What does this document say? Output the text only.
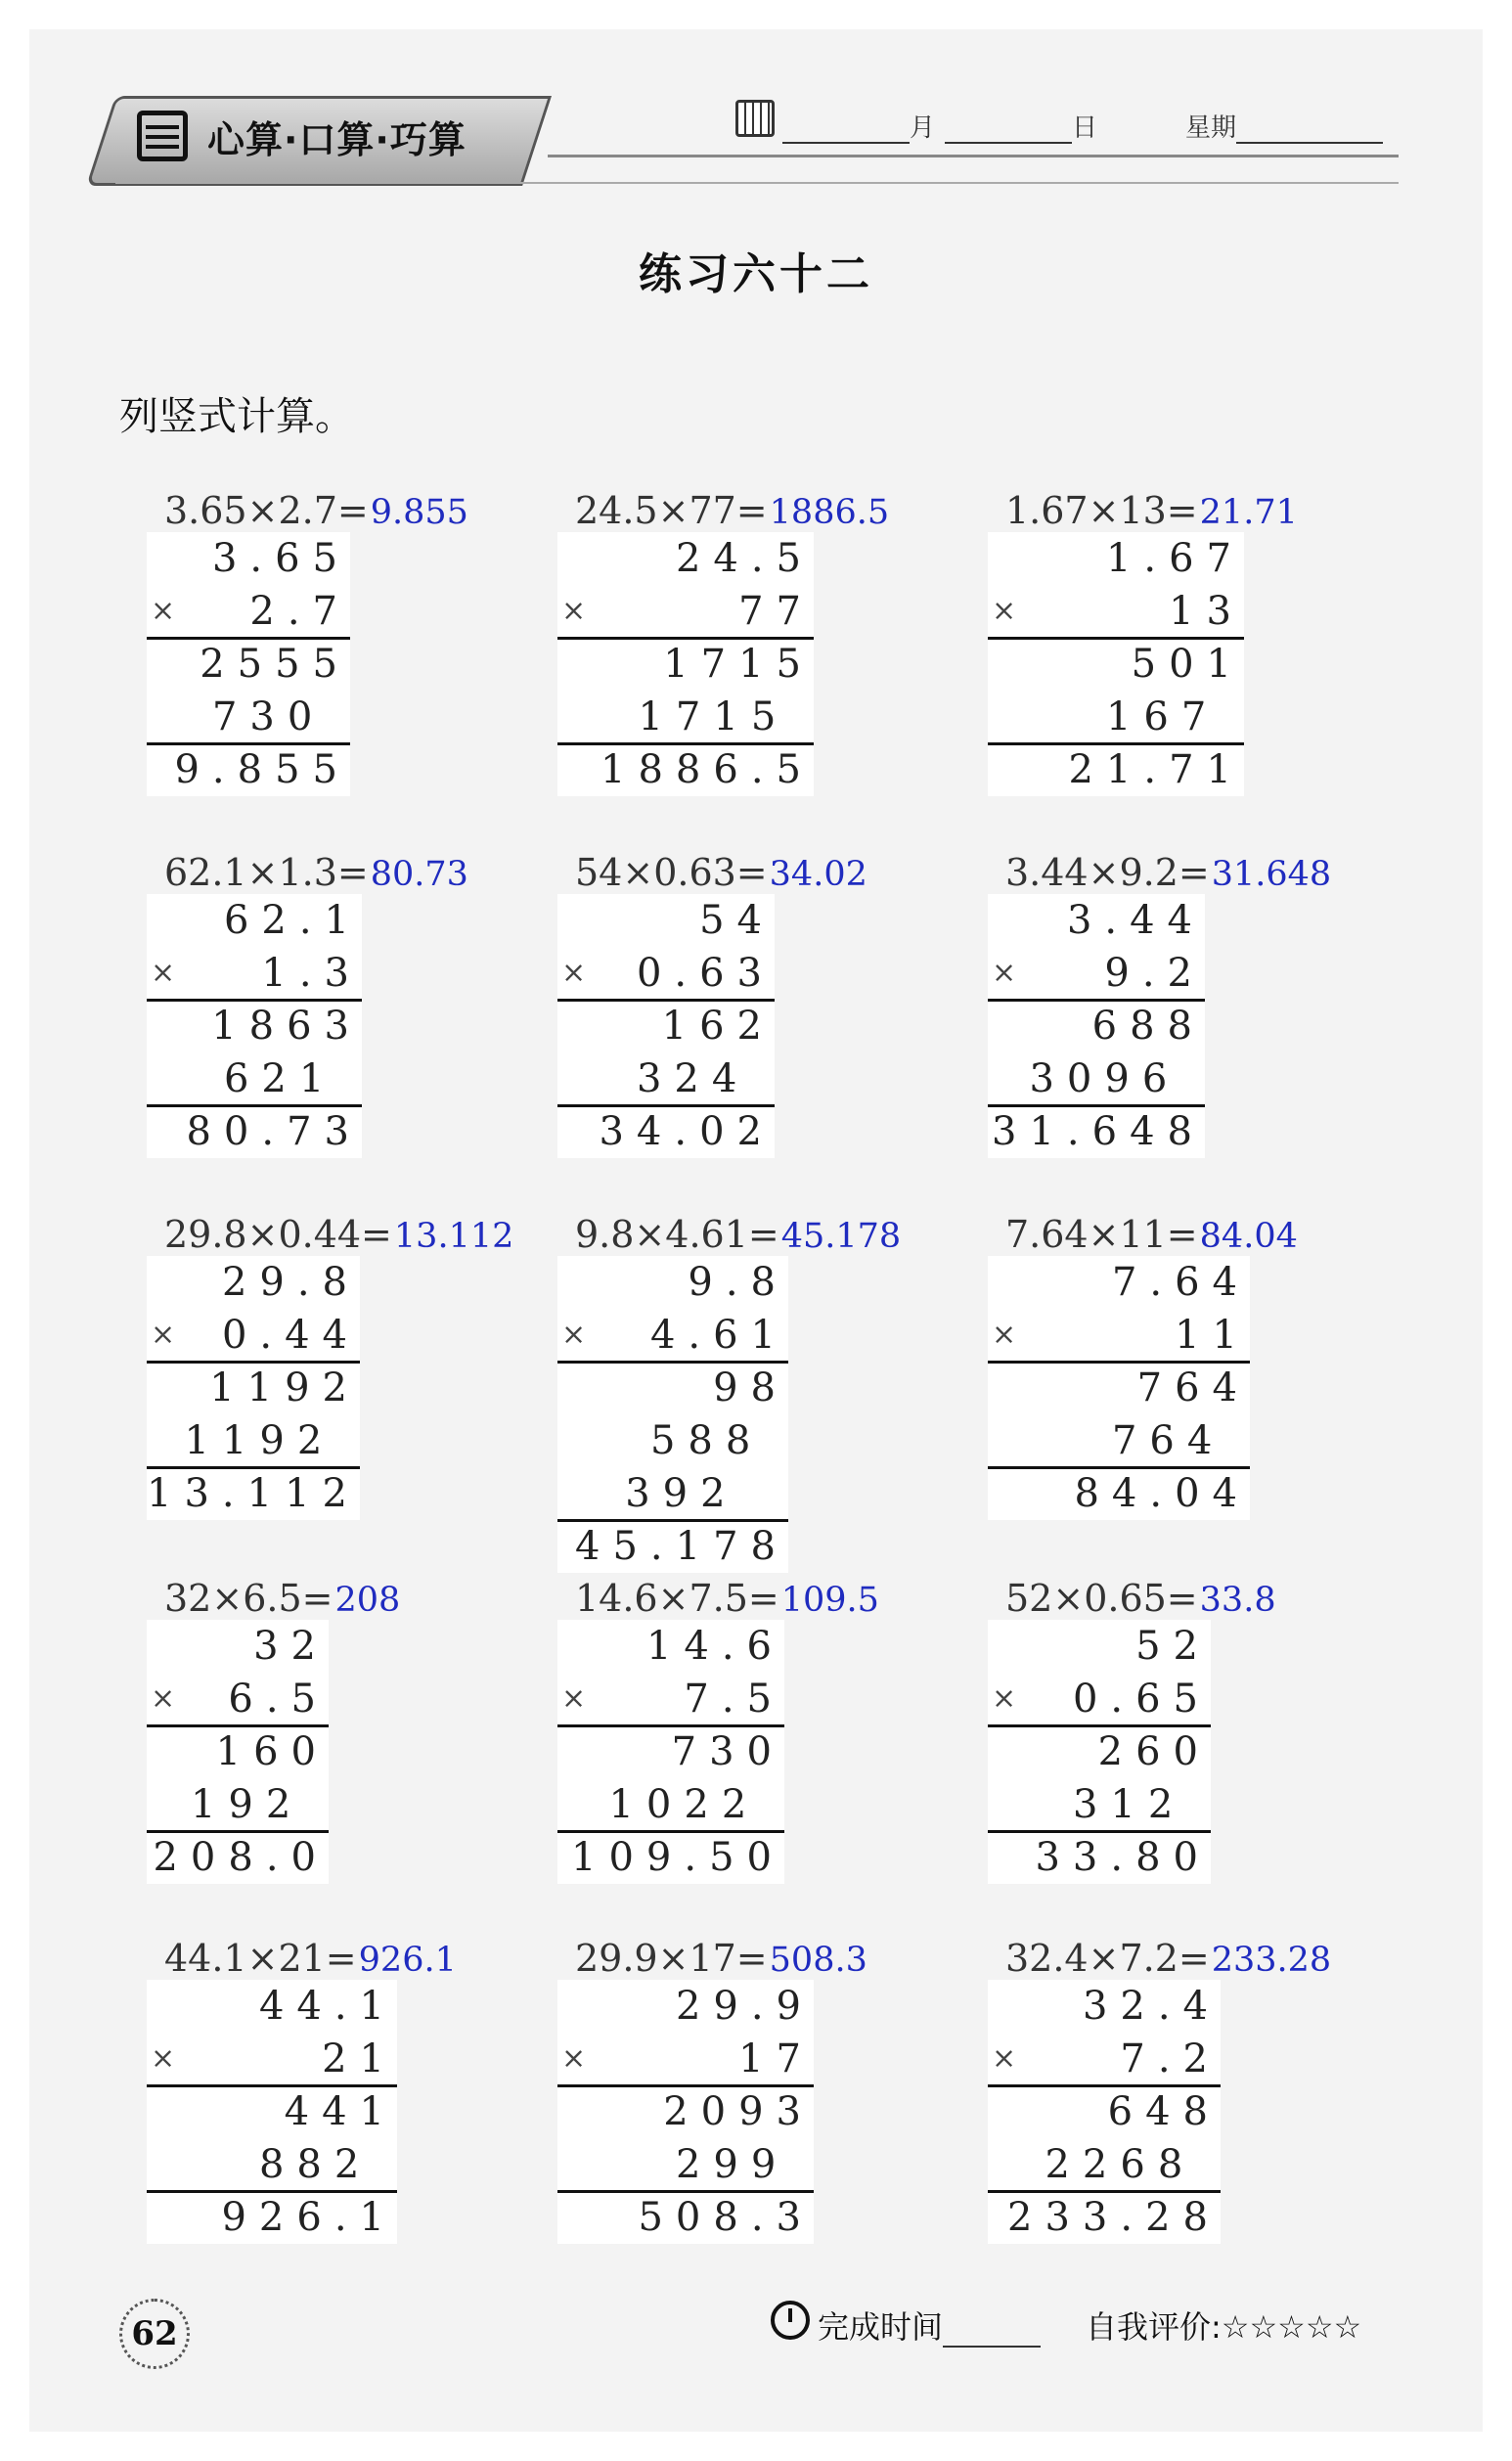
心算·口算·巧算	月	日	星期
练习六十二
列竖式计算。
3.65×2.7=9.855
3.65
× 2.7
2555
730
9.855
24.5×77=1886.5
24.5
×	77
1715
1715
1886.5
1.67×13=21.71
1.67
×	13
501
167
21.71
62.1×1.3=80.73
62.1
× 1.3
1863
621
80.73
54×0.63=34.02
54
× 0.63
162
324
34.02
3.44×9.2=31.648
3.44
× 9.2
688
3096
31.648
29.8×0.44=13.112
29.8
× 0.44
1192
1192
13.112
9.8×4.61=45.178
9.8
× 4.61
98
588
392
45.178
7.64×11=84.04
7.64
×	11
764
764
84.04
32×6.5=208
32
× 6.5
160
192
208.0
14.6×7.5=109.5
14.6
×	7.5
730
1022
109.50
52×0.65=33.8
52
× 0.65
260
312
33.80
44.1×21=926.1
44.1
×	21
441
882
926.1
29.9×17=508.3
29.9
×	17
2093
299
508.3
32.4×7.2=233.28
32.4
×	7.2
648
2268
233.28
62	完成时间	自我评价:☆☆☆☆☆
